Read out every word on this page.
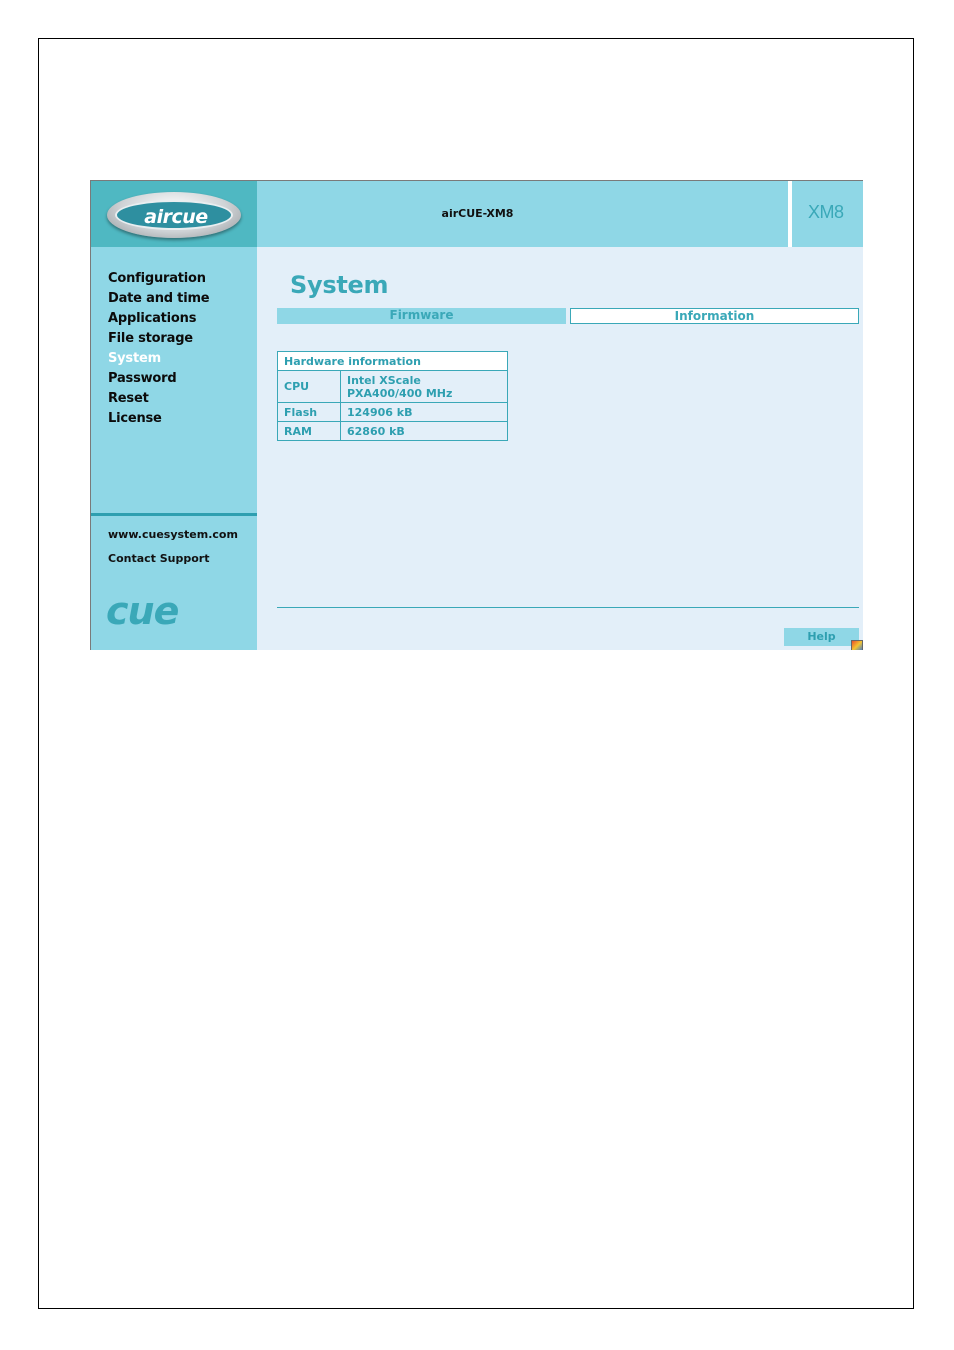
aircue	airCUE-XM8	XM8
Configuration
Date and time
Applications
File storage
System
Password
Reset
License
www.cuesystem.com
Contact Support
cue
System
Firmware	Information
Hardware information	
CPU	Intel XScale
PXA400/400 MHz

Flash	124906 kB
RAM	62860 kB
Help
